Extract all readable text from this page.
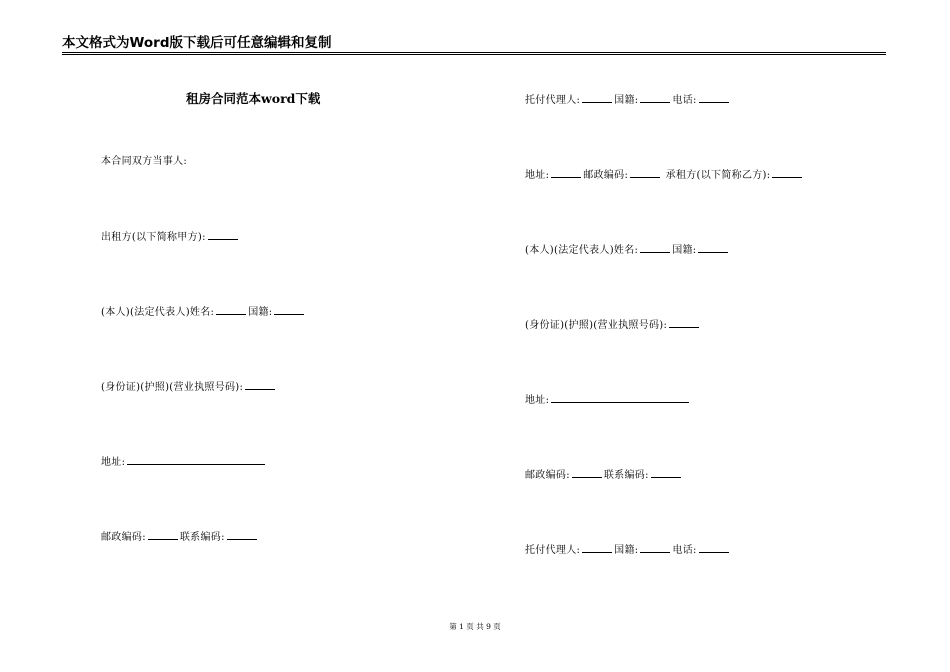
本文格式为Word版下载后可任意编辑和复制
租房合同范本word下载
本合同双方当事人:
出租方(以下简称甲方):
(本人)(法定代表人)姓名:	国籍:
(身份证)(护照)(营业执照号码):
地址:
邮政编码:	联系编码:
托付代理人:	国籍:	电话:
地址:	邮政编码:	承租方(以下简称乙方):
(本人)(法定代表人)姓名:	国籍:
(身份证)(护照)(营业执照号码):
地址:
邮政编码:	联系编码:
托付代理人:	国籍:	电话:
第 1 页 共 9 页
